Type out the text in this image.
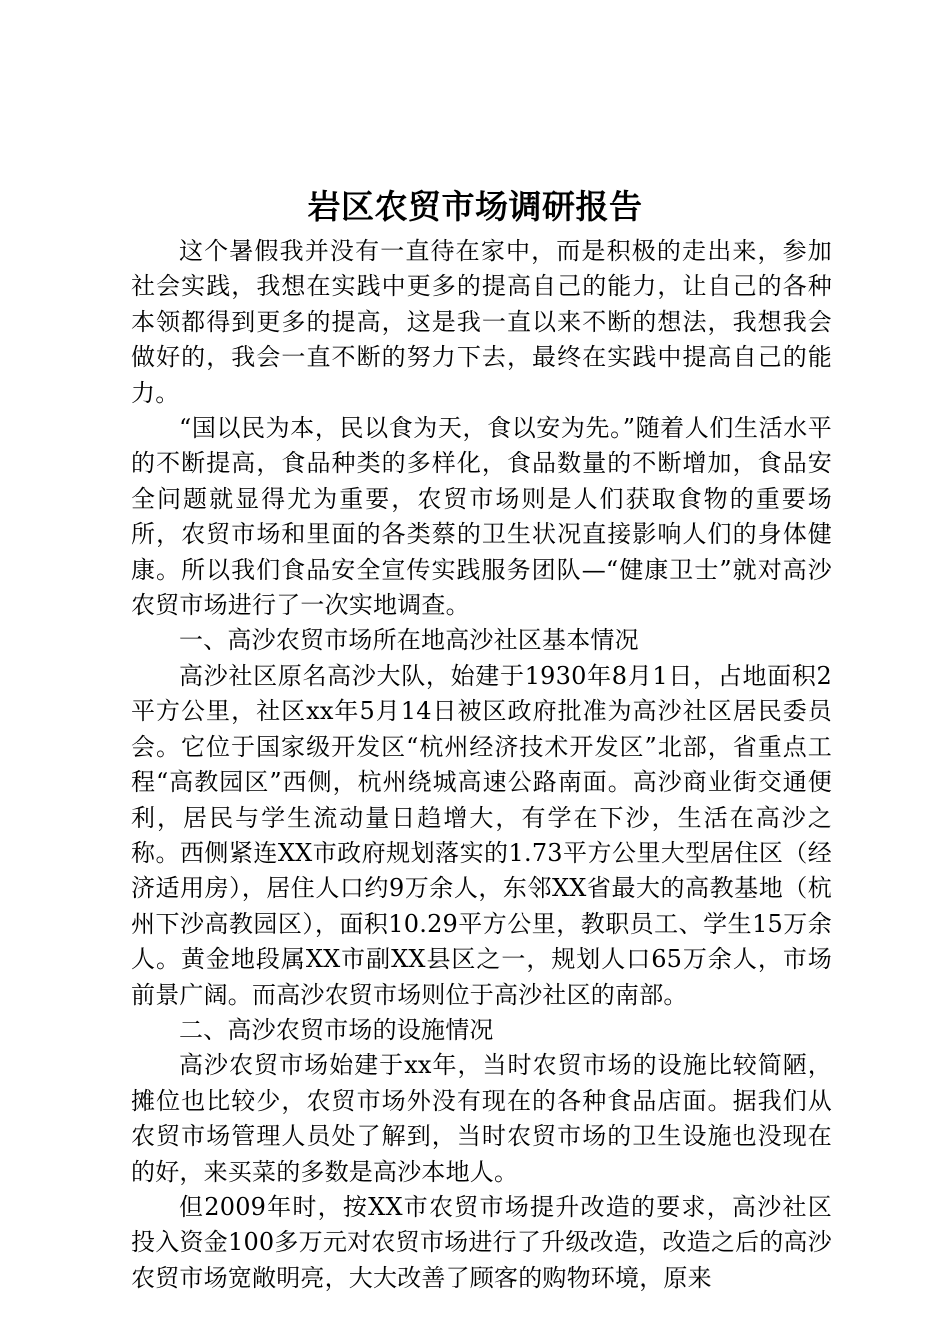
岩区农贸市场调研报告

这个暑假我并没有一直待在家中，而是积极的走出来，参加社会实践，我想在实践中更多的提高自己的能力，让自己的各种本领都得到更多的提高，这是我一直以来不断的想法，我想我会做好的，我会一直不断的努力下去，最终在实践中提高自己的能力。

“国以民为本，民以食为天，食以安为先。”随着人们生活水平的不断提高，食品种类的多样化，食品数量的不断增加，食品安全问题就显得尤为重要，农贸市场则是人们获取食物的重要场所，农贸市场和里面的各类蔡的卫生状况直接影响人们的身体健康。所以我们食品安全宣传实践服务团队—“健康卫士”就对高沙农贸市场进行了一次实地调查。

一、高沙农贸市场所在地高沙社区基本情况

高沙社区原名高沙大队，始建于1930年8月1日，占地面积2平方公里，社区xx年5月14日被区政府批准为高沙社区居民委员会。它位于国家级开发区“杭州经济技术开发区”北部，省重点工程“高教园区”西侧，杭州绕城高速公路南面。高沙商业街交通便利，居民与学生流动量日趋增大，有学在下沙，生活在高沙之称。西侧紧连XX市政府规划落实的1.73平方公里大型居住区（经济适用房），居住人口约9万余人，东邻XX省最大的高教基地（杭州下沙高教园区），面积10.29平方公里，教职员工、学生15万余人。黄金地段属XX市副XX县区之一，规划人口65万余人，市场前景广阔。而高沙农贸市场则位于高沙社区的南部。

二、高沙农贸市场的设施情况

高沙农贸市场始建于xx年，当时农贸市场的设施比较简陋，摊位也比较少，农贸市场外没有现在的各种食品店面。据我们从农贸市场管理人员处了解到，当时农贸市场的卫生设施也没现在的好，来买菜的多数是高沙本地人。

但2009年时，按XX市农贸市场提升改造的要求，高沙社区投入资金100多万元对农贸市场进行了升级改造，改造之后的高沙农贸市场宽敞明亮，大大改善了顾客的购物环境，原来
